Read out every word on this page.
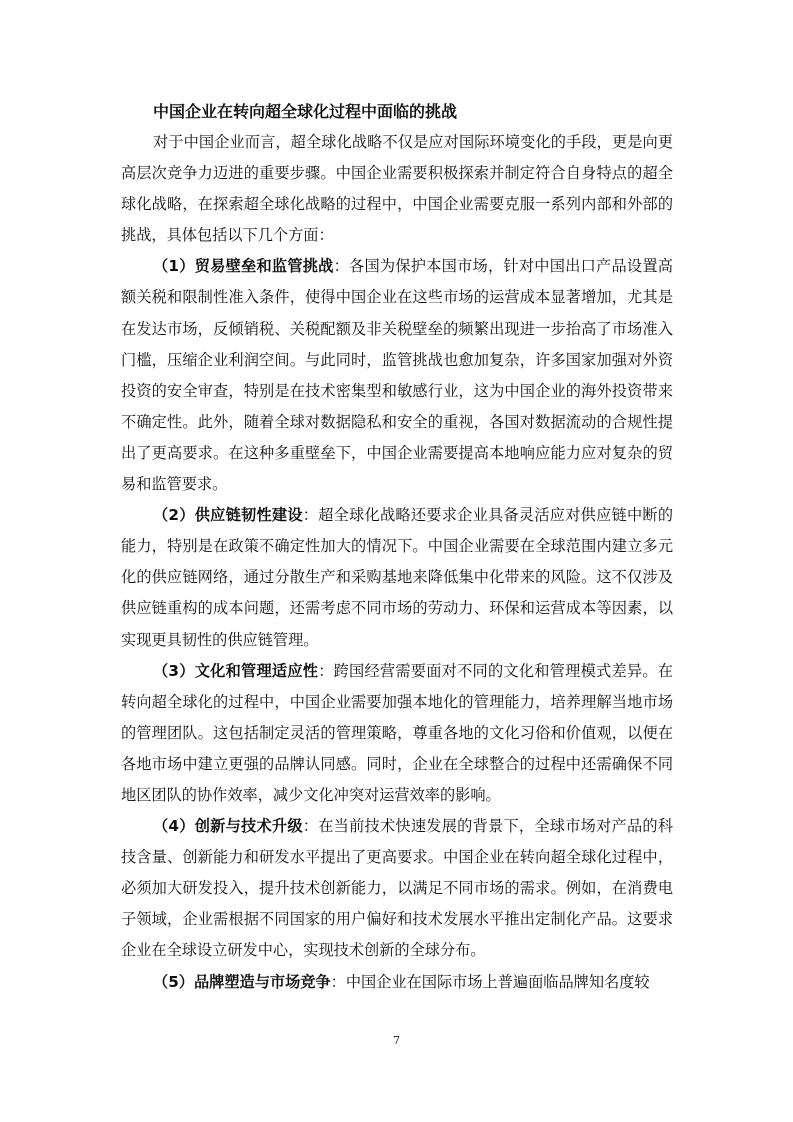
中国企业在转向超全球化过程中面临的挑战

对于中国企业而言，超全球化战略不仅是应对国际环境变化的手段，更是向更高层次竞争力迈进的重要步骤。中国企业需要积极探索并制定符合自身特点的超全球化战略，在探索超全球化战略的过程中，中国企业需要克服一系列内部和外部的挑战，具体包括以下几个方面：

（1）贸易壁垒和监管挑战：各国为保护本国市场，针对中国出口产品设置高额关税和限制性准入条件，使得中国企业在这些市场的运营成本显著增加，尤其是在发达市场，反倾销税、关税配额及非关税壁垒的频繁出现进一步抬高了市场准入门槛，压缩企业利润空间。与此同时，监管挑战也愈加复杂，许多国家加强对外资投资的安全审查，特别是在技术密集型和敏感行业，这为中国企业的海外投资带来不确定性。此外，随着全球对数据隐私和安全的重视，各国对数据流动的合规性提出了更高要求。在这种多重壁垒下，中国企业需要提高本地响应能力应对复杂的贸易和监管要求。

（2）供应链韧性建设：超全球化战略还要求企业具备灵活应对供应链中断的能力，特别是在政策不确定性加大的情况下。中国企业需要在全球范围内建立多元化的供应链网络，通过分散生产和采购基地来降低集中化带来的风险。这不仅涉及供应链重构的成本问题，还需考虑不同市场的劳动力、环保和运营成本等因素，以实现更具韧性的供应链管理。

（3）文化和管理适应性：跨国经营需要面对不同的文化和管理模式差异。在转向超全球化的过程中，中国企业需要加强本地化的管理能力，培养理解当地市场的管理团队。这包括制定灵活的管理策略，尊重各地的文化习俗和价值观，以便在各地市场中建立更强的品牌认同感。同时，企业在全球整合的过程中还需确保不同地区团队的协作效率，减少文化冲突对运营效率的影响。

（4）创新与技术升级：在当前技术快速发展的背景下，全球市场对产品的科技含量、创新能力和研发水平提出了更高要求。中国企业在转向超全球化过程中，必须加大研发投入，提升技术创新能力，以满足不同市场的需求。例如，在消费电子领域，企业需根据不同国家的用户偏好和技术发展水平推出定制化产品。这要求企业在全球设立研发中心，实现技术创新的全球分布。

（5）品牌塑造与市场竞争：中国企业在国际市场上普遍面临品牌知名度较

7
